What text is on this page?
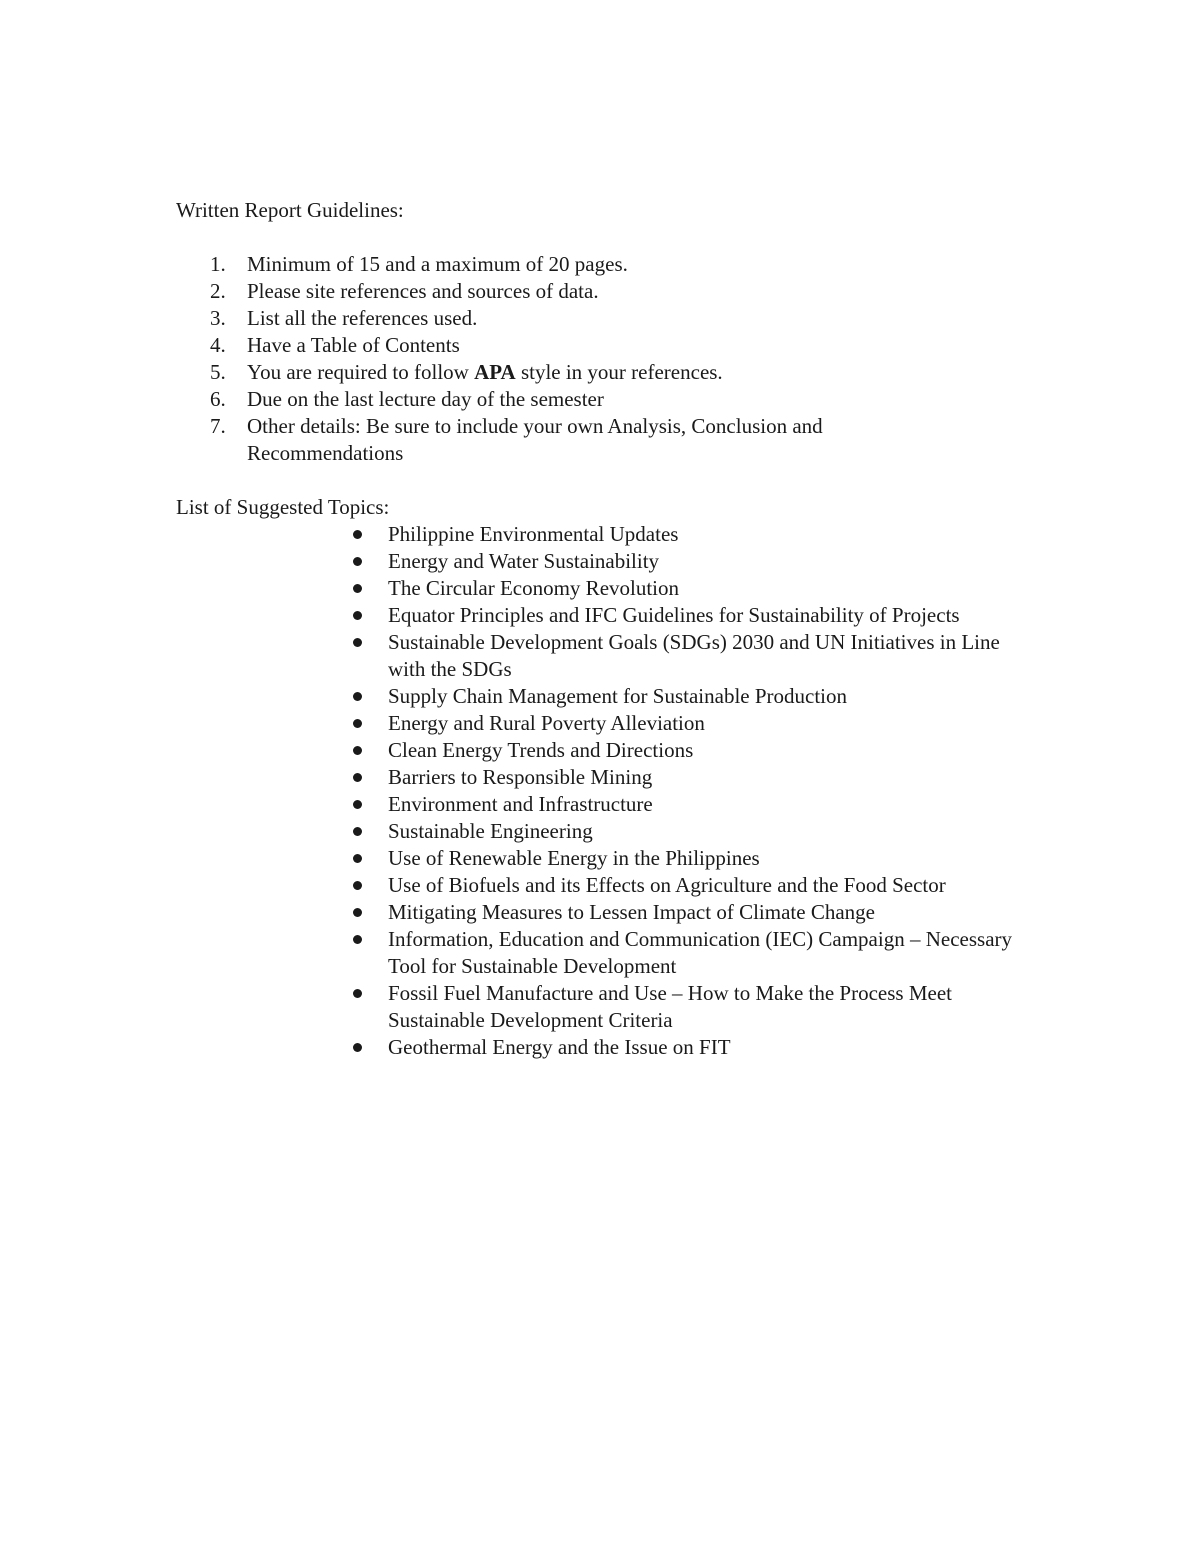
Written Report Guidelines:

1. Minimum of 15 and a maximum of 20 pages.
2. Please site references and sources of data.
3. List all the references used.
4. Have a Table of Contents
5. You are required to follow APA style in your references.
6. Due on the last lecture day of the semester
7. Other details: Be sure to include your own Analysis, Conclusion and Recommendations

List of Suggested Topics:

Philippine Environmental Updates
Energy and Water Sustainability
The Circular Economy Revolution
Equator Principles and IFC Guidelines for Sustainability of Projects
Sustainable Development Goals (SDGs) 2030 and UN Initiatives in Line with the SDGs
Supply Chain Management for Sustainable Production
Energy and Rural Poverty Alleviation
Clean Energy Trends and Directions
Barriers to Responsible Mining
Environment and Infrastructure
Sustainable Engineering
Use of Renewable Energy in the Philippines
Use of Biofuels and its Effects on Agriculture and the Food Sector
Mitigating Measures to Lessen Impact of Climate Change
Information, Education and Communication (IEC) Campaign – Necessary Tool for Sustainable Development
Fossil Fuel Manufacture and Use – How to Make the Process Meet Sustainable Development Criteria
Geothermal Energy and the Issue on FIT
